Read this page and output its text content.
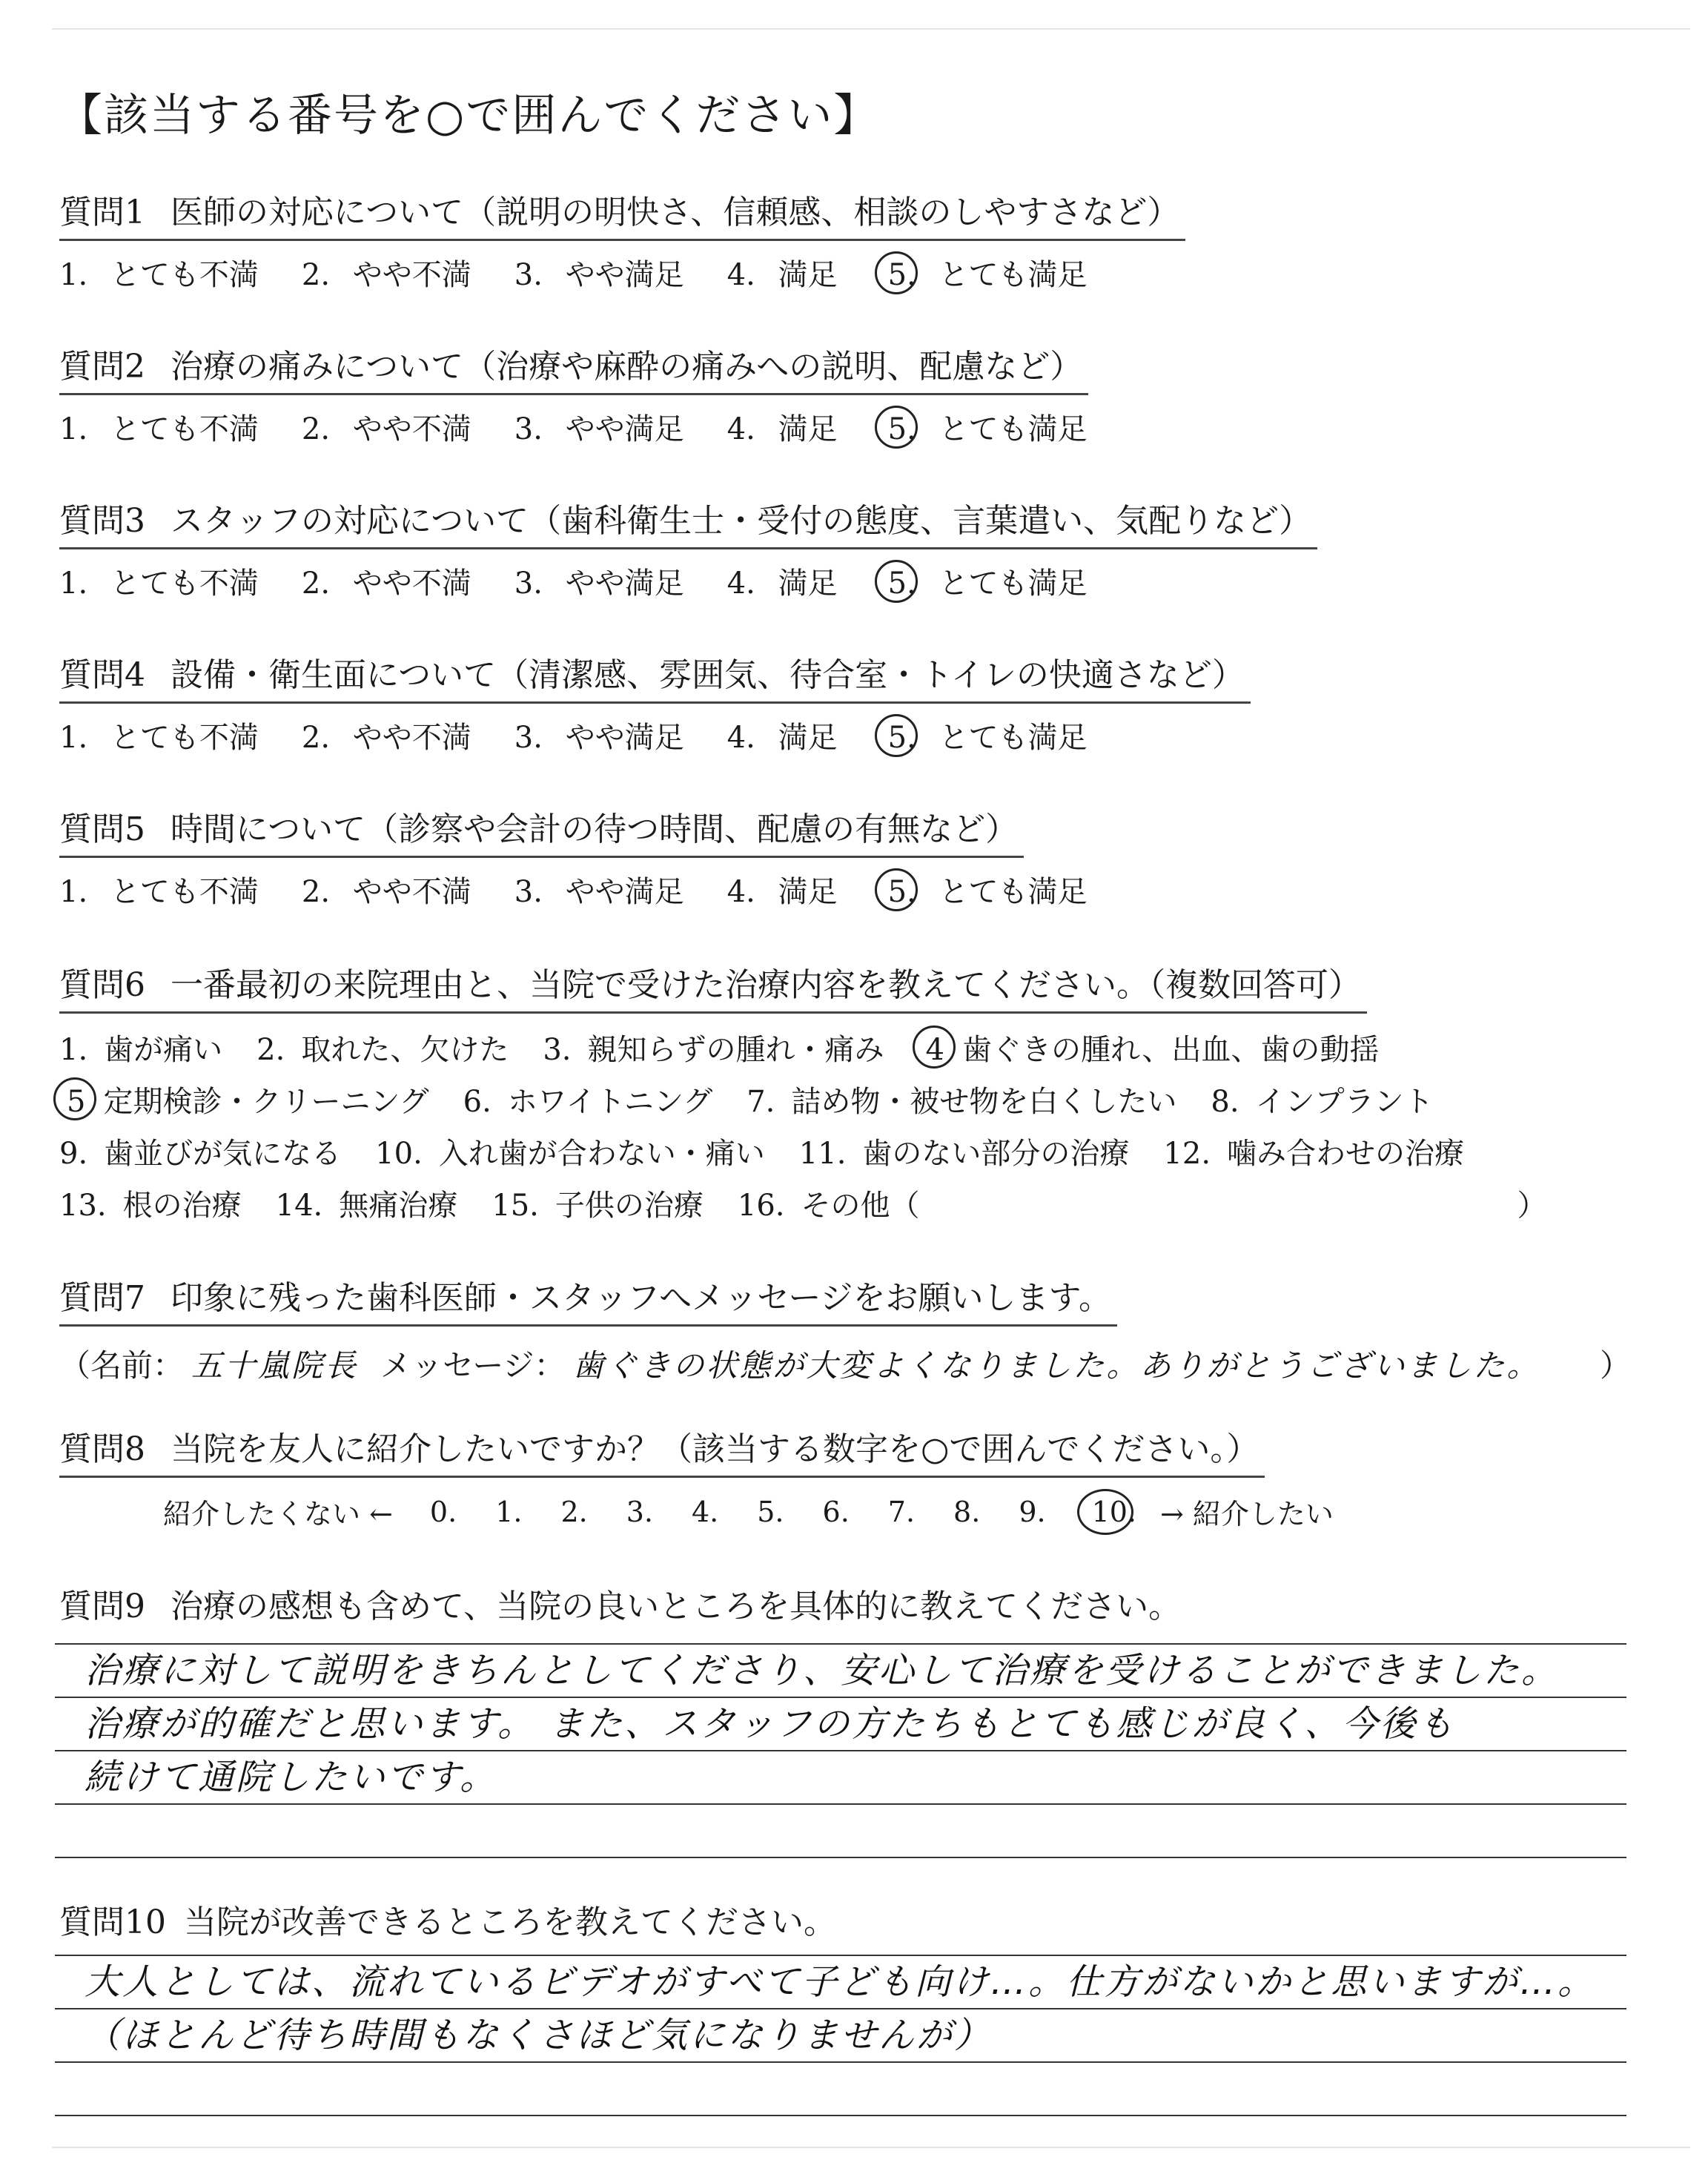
【該当する番号を○で囲んでください】
質問1 医師の対応について（説明の明快さ、信頼感、相談のしやすさなど）
1. とても不満 2. やや不満 3. やや満足 4. 満足 5. とても満足
質問2 治療の痛みについて（治療や麻酔の痛みへの説明、配慮など）
1. とても不満 2. やや不満 3. やや満足 4. 満足 5. とても満足
質問3 スタッフの対応について（歯科衛生士・受付の態度、言葉遣い、気配りなど）
1. とても不満 2. やや不満 3. やや満足 4. 満足 5. とても満足
質問4 設備・衛生面について（清潔感、雰囲気、待合室・トイレの快適さなど）
1. とても不満 2. やや不満 3. やや満足 4. 満足 5. とても満足
質問5 時間について（診察や会計の待つ時間、配慮の有無など）
1. とても不満 2. やや不満 3. やや満足 4. 満足 5. とても満足
質問6 一番最初の来院理由と、当院で受けた治療内容を教えてください。（複数回答可）
1. 歯が痛い 2. 取れた、欠けた 3. 親知らずの腫れ・痛み 4 歯ぐきの腫れ、出血、歯の動揺
5 定期検診・クリーニング 6. ホワイトニング 7. 詰め物・被せ物を白くしたい 8. インプラント
9. 歯並びが気になる 10. 入れ歯が合わない・痛い 11. 歯のない部分の治療 12. 噛み合わせの治療
13. 根の治療 14. 無痛治療 15. 子供の治療 16. その他（	）
質問7 印象に残った歯科医師・スタッフへメッセージをお願いします。
（名前： 五十嵐院長 メッセージ： 歯ぐきの状態が大変よくなりました。ありがとうございました。 ）
質問8 当院を友人に紹介したいですか？（該当する数字を○で囲んでください。）
紹介したくない ← 0. 1. 2. 3. 4. 5. 6. 7. 8. 9. 10. → 紹介したい
質問9 治療の感想も含めて、当院の良いところを具体的に教えてください。
治療に対して説明をきちんとしてくださり、安心して治療を受けることができました。
治療が的確だと思います。 また、スタッフの方たちもとても感じが良く、今後も
続けて通院したいです。
質問10 当院が改善できるところを教えてください。
大人としては、流れているビデオがすべて子ども向け…。仕方がないかと思いますが…。
（ほとんど待ち時間もなくさほど気になりませんが）
